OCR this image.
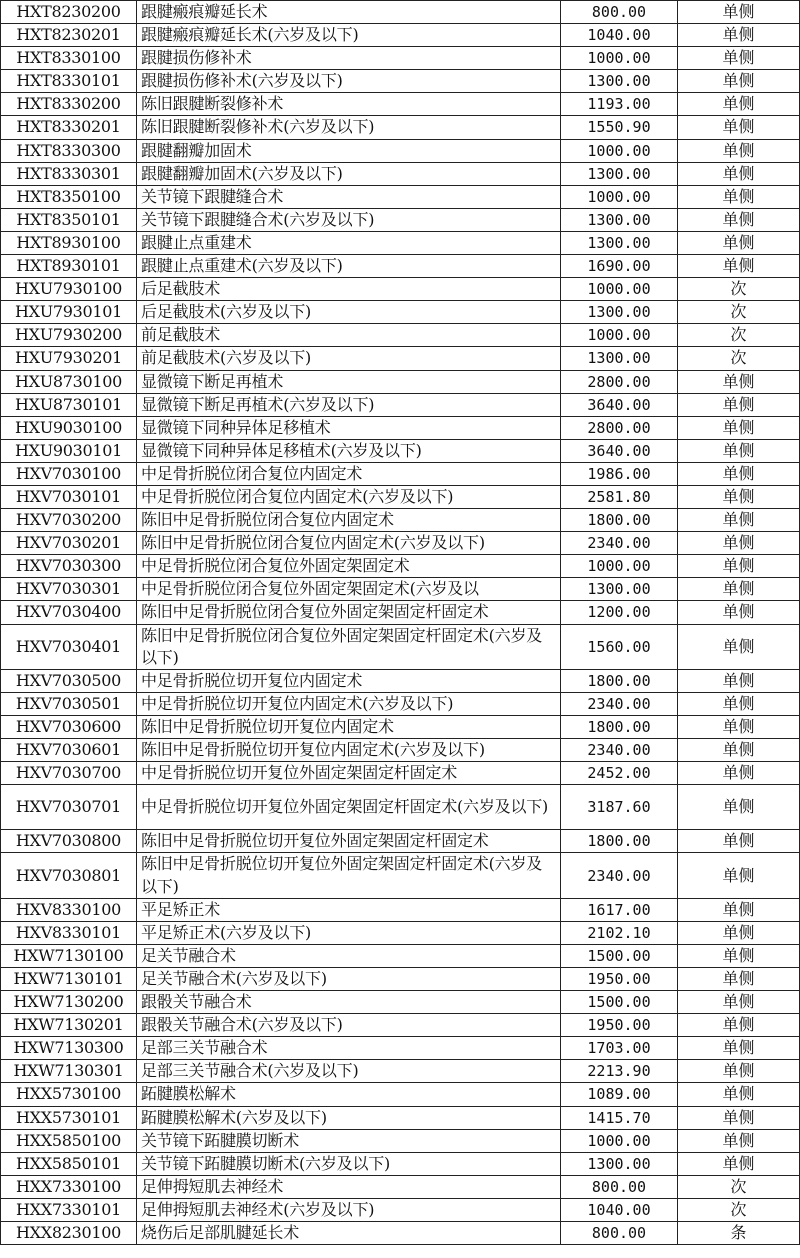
HXT8230200	跟腱瘢痕瓣延长术	800.00	单侧
HXT8230201	跟腱瘢痕瓣延长术(六岁及以下)	1040.00	单侧
HXT8330100	跟腱损伤修补术	1000.00	单侧
HXT8330101	跟腱损伤修补术(六岁及以下)	1300.00	单侧
HXT8330200	陈旧跟腱断裂修补术	1193.00	单侧
HXT8330201	陈旧跟腱断裂修补术(六岁及以下)	1550.90	单侧
HXT8330300	跟腱翻瓣加固术	1000.00	单侧
HXT8330301	跟腱翻瓣加固术(六岁及以下)	1300.00	单侧
HXT8350100	关节镜下跟腱缝合术	1000.00	单侧
HXT8350101	关节镜下跟腱缝合术(六岁及以下)	1300.00	单侧
HXT8930100	跟腱止点重建术	1300.00	单侧
HXT8930101	跟腱止点重建术(六岁及以下)	1690.00	单侧
HXU7930100	后足截肢术	1000.00	次
HXU7930101	后足截肢术(六岁及以下)	1300.00	次
HXU7930200	前足截肢术	1000.00	次
HXU7930201	前足截肢术(六岁及以下)	1300.00	次
HXU8730100	显微镜下断足再植术	2800.00	单侧
HXU8730101	显微镜下断足再植术(六岁及以下)	3640.00	单侧
HXU9030100	显微镜下同种异体足移植术	2800.00	单侧
HXU9030101	显微镜下同种异体足移植术(六岁及以下)	3640.00	单侧
HXV7030100	中足骨折脱位闭合复位内固定术	1986.00	单侧
HXV7030101	中足骨折脱位闭合复位内固定术(六岁及以下)	2581.80	单侧
HXV7030200	陈旧中足骨折脱位闭合复位内固定术	1800.00	单侧
HXV7030201	陈旧中足骨折脱位闭合复位内固定术(六岁及以下)	2340.00	单侧
HXV7030300	中足骨折脱位闭合复位外固定架固定术	1000.00	单侧
HXV7030301	中足骨折脱位闭合复位外固定架固定术(六岁及以	1300.00	单侧
HXV7030400	陈旧中足骨折脱位闭合复位外固定架固定杆固定术	1200.00	单侧
HXV7030401	陈旧中足骨折脱位闭合复位外固定架固定杆固定术(六岁及以下)	1560.00	单侧
HXV7030500	中足骨折脱位切开复位内固定术	1800.00	单侧
HXV7030501	中足骨折脱位切开复位内固定术(六岁及以下)	2340.00	单侧
HXV7030600	陈旧中足骨折脱位切开复位内固定术	1800.00	单侧
HXV7030601	陈旧中足骨折脱位切开复位内固定术(六岁及以下)	2340.00	单侧
HXV7030700	中足骨折脱位切开复位外固定架固定杆固定术	2452.00	单侧
HXV7030701	中足骨折脱位切开复位外固定架固定杆固定术(六岁及以下)	3187.60	单侧
HXV7030800	陈旧中足骨折脱位切开复位外固定架固定杆固定术	1800.00	单侧
HXV7030801	陈旧中足骨折脱位切开复位外固定架固定杆固定术(六岁及以下)	2340.00	单侧
HXV8330100	平足矫正术	1617.00	单侧
HXV8330101	平足矫正术(六岁及以下)	2102.10	单侧
HXW7130100	足关节融合术	1500.00	单侧
HXW7130101	足关节融合术(六岁及以下)	1950.00	单侧
HXW7130200	跟骰关节融合术	1500.00	单侧
HXW7130201	跟骰关节融合术(六岁及以下)	1950.00	单侧
HXW7130300	足部三关节融合术	1703.00	单侧
HXW7130301	足部三关节融合术(六岁及以下)	2213.90	单侧
HXX5730100	跖腱膜松解术	1089.00	单侧
HXX5730101	跖腱膜松解术(六岁及以下)	1415.70	单侧
HXX5850100	关节镜下跖腱膜切断术	1000.00	单侧
HXX5850101	关节镜下跖腱膜切断术(六岁及以下)	1300.00	单侧
HXX7330100	足伸拇短肌去神经术	800.00	次
HXX7330101	足伸拇短肌去神经术(六岁及以下)	1040.00	次
HXX8230100	烧伤后足部肌腱延长术	800.00	条
